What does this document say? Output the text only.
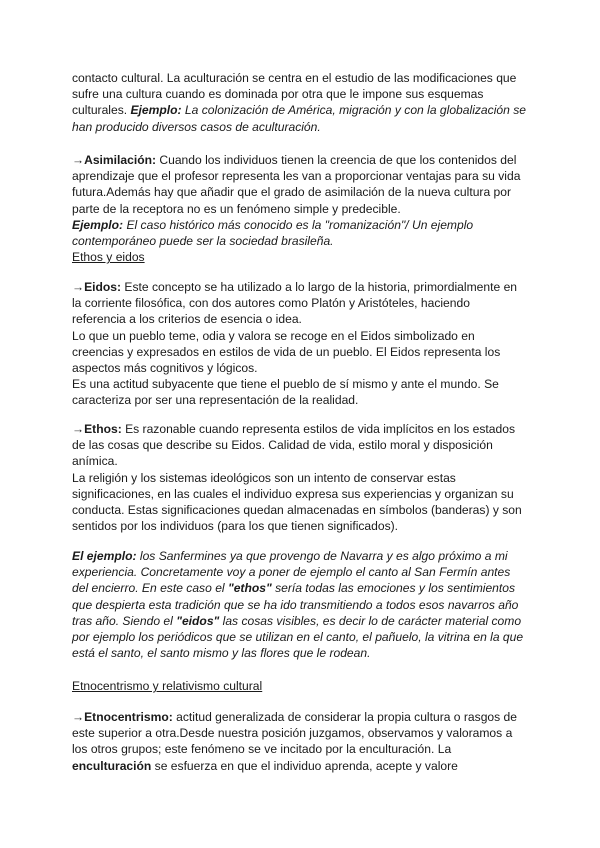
contacto cultural. La aculturación se centra en el estudio de las modificaciones que

sufre una cultura cuando es dominada por otra que le impone sus esquemas

culturales. Ejemplo: La colonización de América, migración y con la globalización se

han producido diversos casos de aculturación.

→Asimilación: Cuando los individuos tienen la creencia de que los contenidos del

aprendizaje que el profesor representa les van a proporcionar ventajas para su vida

futura.Además hay que añadir que el grado de asimilación de la nueva cultura por

parte de la receptora no es un fenómeno simple y predecible.

Ejemplo: El caso histórico más conocido es la "romanización"/ Un ejemplo

contemporáneo puede ser la sociedad brasileña.

Ethos y eidos

→Eidos: Este concepto se ha utilizado a lo largo de la historia, primordialmente en

la corriente filosófica, con dos autores como Platón y Aristóteles, haciendo

referencia a los criterios de esencia o idea.

Lo que un pueblo teme, odia y valora se recoge en el Eidos simbolizado en

creencias y expresados en estilos de vida de un pueblo. El Eidos representa los

aspectos más cognitivos y lógicos.

Es una actitud subyacente que tiene el pueblo de sí mismo y ante el mundo. Se

caracteriza por ser una representación de la realidad.

→Ethos: Es razonable cuando representa estilos de vida implícitos en los estados

de las cosas que describe su Eidos. Calidad de vida, estilo moral y disposición

anímica.

La religión y los sistemas ideológicos son un intento de conservar estas

significaciones, en las cuales el individuo expresa sus experiencias y organizan su

conducta. Estas significaciones quedan almacenadas en símbolos (banderas) y son

sentidos por los individuos (para los que tienen significados).

El ejemplo: los Sanfermines ya que provengo de Navarra y es algo próximo a mi

experiencia. Concretamente voy a poner de ejemplo el canto al San Fermín antes

del encierro. En este caso el "ethos" sería todas las emociones y los sentimientos

que despierta esta tradición que se ha ido transmitiendo a todos esos navarros año

tras año. Siendo el "eidos" las cosas visibles, es decir lo de carácter material como

por ejemplo los periódicos que se utilizan en el canto, el pañuelo, la vitrina en la que

está el santo, el santo mismo y las flores que le rodean.

Etnocentrismo y relativismo cultural

→Etnocentrismo: actitud generalizada de considerar la propia cultura o rasgos de

este superior a otra.Desde nuestra posición juzgamos, observamos y valoramos a

los otros grupos; este fenómeno se ve incitado por la enculturación. La

enculturación se esfuerza en que el individuo aprenda, acepte y valore
